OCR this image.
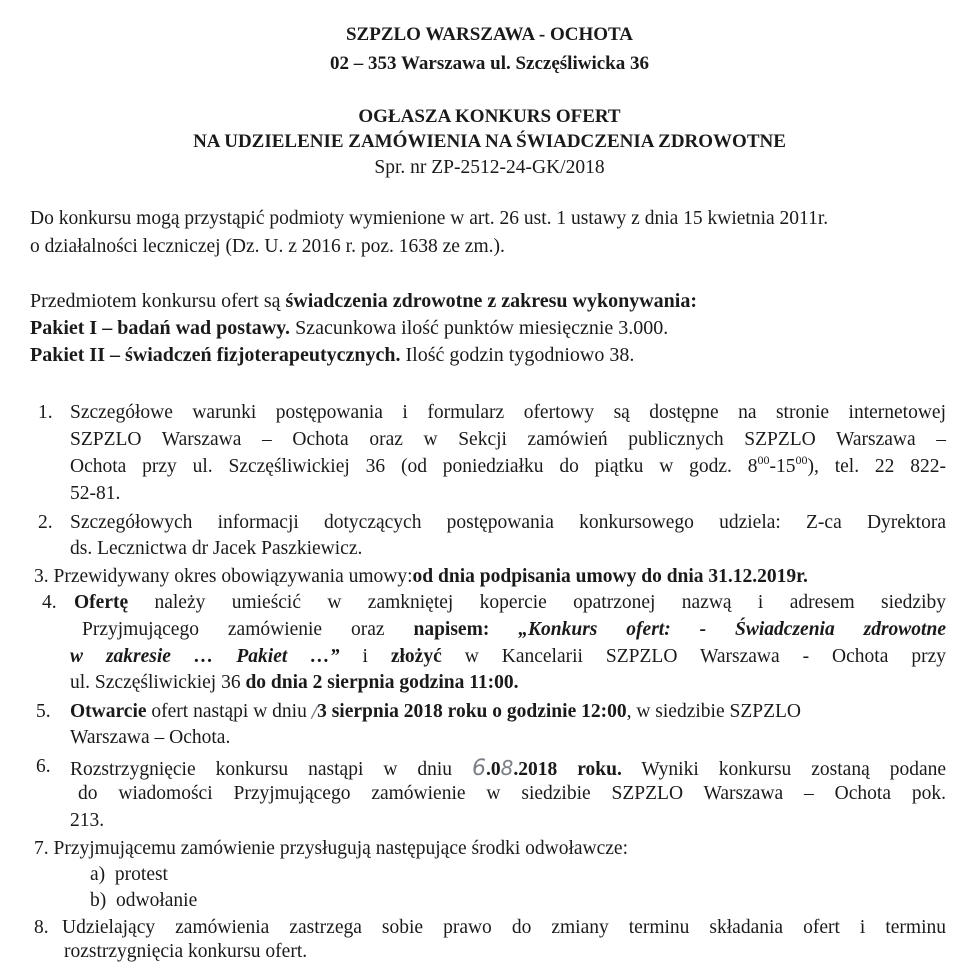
SZPZLO WARSZAWA - OCHOTA
02 – 353 Warszawa ul. Szczęśliwicka 36
OGŁASZA KONKURS OFERT
NA UDZIELENIE ZAMÓWIENIA NA ŚWIADCZENIA ZDROWOTNE
Spr. nr ZP-2512-24-GK/2018
Do konkursu mogą przystąpić podmioty wymienione w art. 26 ust. 1 ustawy z dnia 15 kwietnia 2011r.
o działalności leczniczej (Dz. U. z 2016 r. poz. 1638 ze zm.).
Przedmiotem konkursu ofert są świadczenia zdrowotne z zakresu wykonywania:
Pakiet I – badań wad postawy. Szacunkowa ilość punktów miesięcznie 3.000.
Pakiet II – świadczeń fizjoterapeutycznych. Ilość godzin tygodniowo 38.
1. Szczegółowe warunki postępowania i formularz ofertowy są dostępne na stronie internetowej
SZPZLO Warszawa – Ochota oraz w Sekcji zamówień publicznych SZPZLO Warszawa –
Ochota przy ul. Szczęśliwickiej 36 (od poniedziałku do piątku w godz. $8^{00}-15^{00}$), tel. 22 822-
52-81.
2. Szczegółowych informacji dotyczących postępowania konkursowego udziela: Z-ca Dyrektora
ds. Lecznictwa dr Jacek Paszkiewicz.
3. Przewidywany okres obowiązywania umowy:od dnia podpisania umowy do dnia 31.12.2019r.
4. Ofertę należy umieścić w zamkniętej kopercie opatrzonej nazwą i adresem siedziby
Przyjmującego zamówienie oraz napisem: „Konkurs ofert: - Świadczenia zdrowotne
w zakresie … Pakiet …” i złożyć w Kancelarii SZPZLO Warszawa - Ochota przy
ul. Szczęśliwickiej 36 do dnia 2 sierpnia godzina 11:00.
5. Otwarcie ofert nastąpi w dniu /3 sierpnia 2018 roku o godzinie 12:00, w siedzibie SZPZLO
Warszawa – Ochota.
6. Rozstrzygnięcie konkursu nastąpi w dniu 6.08.2018 roku. Wyniki konkursu zostaną podane
do wiadomości Przyjmującego zamówienie w siedzibie SZPZLO Warszawa – Ochota pok.
213.
7. Przyjmującemu zamówienie przysługują następujące środki odwoławcze:
a) protest
b) odwołanie
8. Udzielający zamówienia zastrzega sobie prawo do zmiany terminu składania ofert i terminu
rozstrzygnięcia konkursu ofert.
